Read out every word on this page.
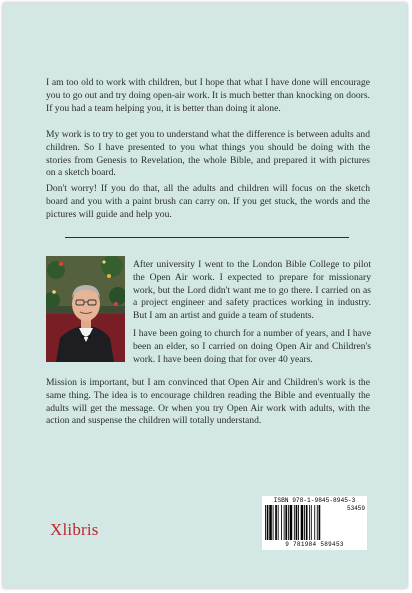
I am too old to work with children, but I hope that what I have done will encourage you to go out and try doing open-air work. It is much better than knocking on doors. If you had a team helping you, it is better than doing it alone.

My work is to try to get you to understand what the difference is between adults and children. So I have presented to you what things you should be doing with the stories from Genesis to Revelation, the whole Bible, and prepared it with pictures on a sketch board.

Don't worry! If you do that, all the adults and children will focus on the sketch board and you with a paint brush can carry on. If you get stuck, the words and the pictures will guide and help you.

After university I went to the London Bible College to pilot the Open Air work. I expected to prepare for missionary work, but the Lord didn't want me to go there. I carried on as a project engineer and safety practices working in industry. But I am an artist and guide a team of students.

I have been going to church for a number of years, and I have been an elder, so I carried on doing Open Air and Children's work. I have been doing that for over 40 years.

Mission is important, but I am convinced that Open Air and Children's work is the same thing. The idea is to encourage children reading the Bible and eventually the adults will get the message. Or when you try Open Air work with adults, with the action and suspense the children will totally understand.

Xlibris
ISBN 978-1-9845-8945-3
53459
9 781984 589453
